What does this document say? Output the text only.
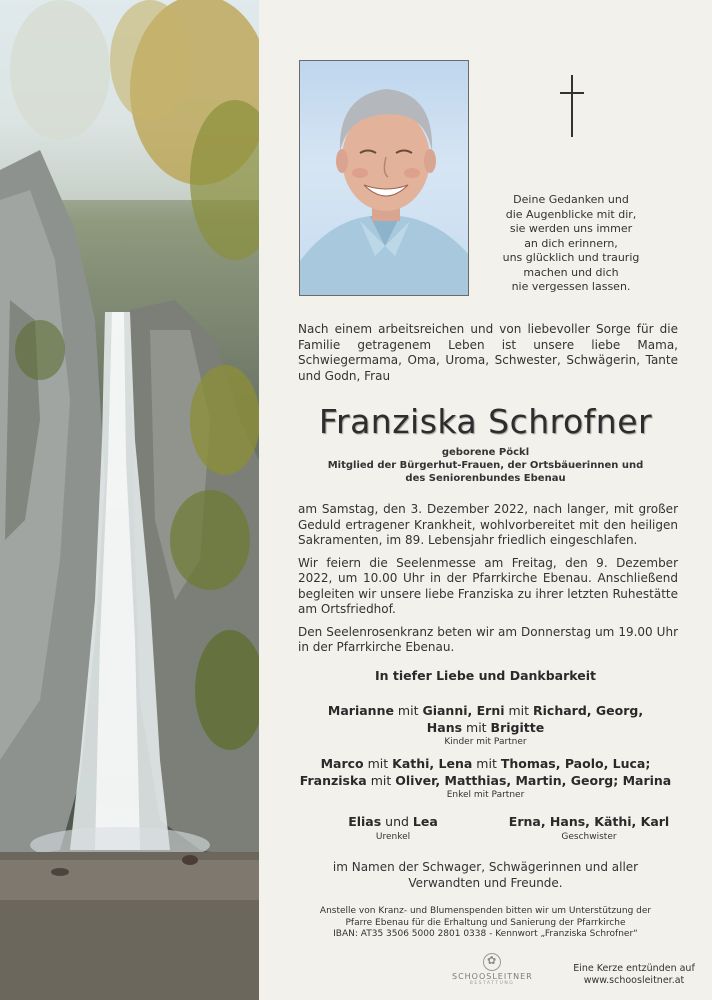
Deine Gedanken und
die Augenblicke mit dir,
sie werden uns immer
an dich erinnern,
uns glücklich und traurig
machen und dich
nie vergessen lassen.
Nach einem arbeitsreichen und von liebevoller Sorge für die Familie getragenem Leben ist unsere liebe Mama, Schwiegermama, Oma, Uroma, Schwester, Schwägerin, Tante und Godn, Frau
Franziska Schrofner
geborene Pöckl
Mitglied der Bürgerhut-Frauen, der Ortsbäuerinnen und
des Seniorenbundes Ebenau

am Samstag, den 3. Dezember 2022, nach langer, mit großer Geduld ertragener Krankheit, wohlvorbereitet mit den heiligen Sakramenten, im 89. Lebensjahr friedlich eingeschlafen.

Wir feiern die Seelenmesse am Freitag, den 9. Dezember 2022, um 10.00 Uhr in der Pfarrkirche Ebenau. Anschließend begleiten wir unsere liebe Franziska zu ihrer letzten Ruhestätte am Ortsfriedhof.

Den Seelenrosenkranz beten wir am Donnerstag um 19.00 Uhr in der Pfarrkirche Ebenau.

In tiefer Liebe und Dankbarkeit
Marianne mit Gianni, Erni mit Richard, Georg,
Hans mit Brigitte
Kinder mit Partner
Marco mit Kathi, Lena mit Thomas, Paolo, Luca;
Franziska mit Oliver, Matthias, Martin, Georg; Marina
Enkel mit Partner
Elias und Lea
Urenkel
Erna, Hans, Käthi, Karl
Geschwister
im Namen der Schwager, Schwägerinnen und aller
Verwandten und Freunde.
Anstelle von Kranz- und Blumenspenden bitten wir um Unterstützung der
Pfarre Ebenau für die Erhaltung und Sanierung der Pfarrkirche
IBAN: AT35 3506 5000 2801 0338 - Kennwort „Franziska Schrofner“
✿
SCHOOSLEITNER
BESTATTUNG
Eine Kerze entzünden auf
www.schoosleitner.at
